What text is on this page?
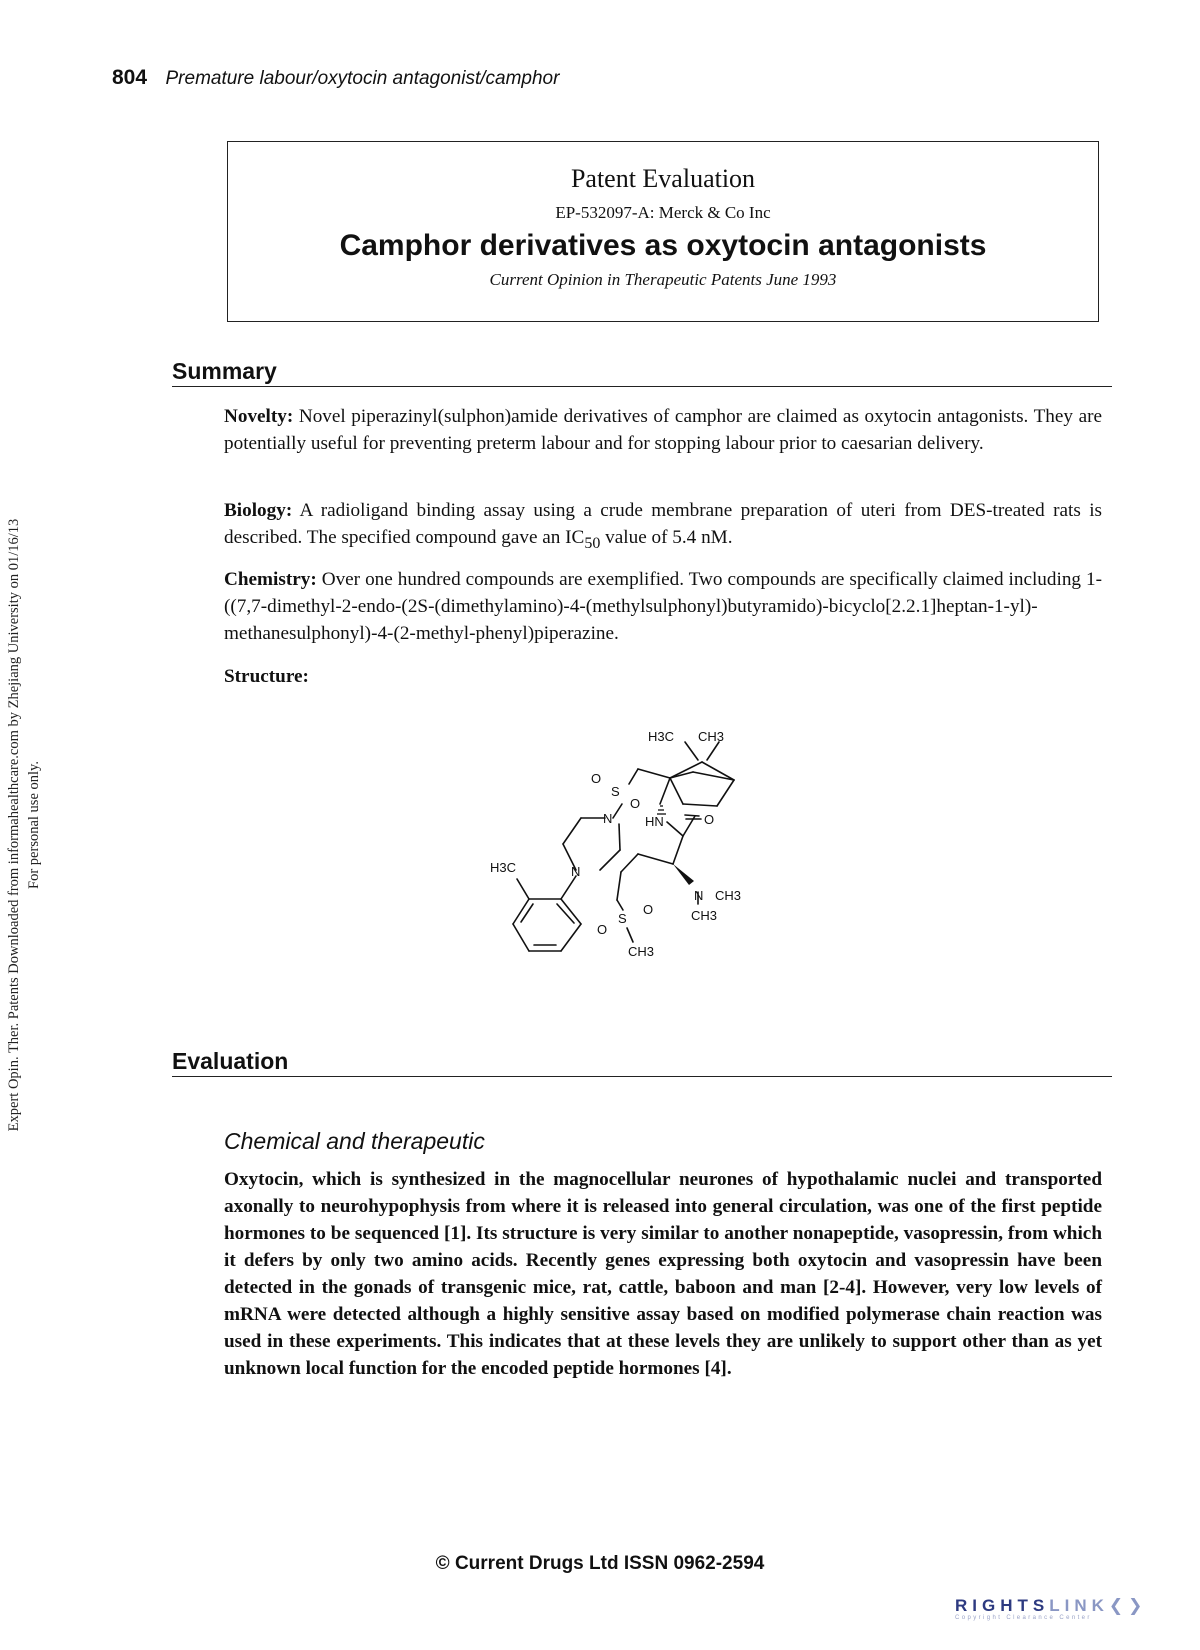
804 Premature labour/oxytocin antagonist/camphor
Expert Opin. Ther. Patents Downloaded from informahealthcare.com by Zhejiang University on 01/16/13 For personal use only.
Patent Evaluation
EP-532097-A: Merck & Co Inc
Camphor derivatives as oxytocin antagonists
Current Opinion in Therapeutic Patents June 1993
Summary

Novelty: Novel piperazinyl(sulphon)amide derivatives of camphor are claimed as oxytocin antagonists. They are potentially useful for preventing preterm labour and for stopping labour prior to caesarian delivery.

Biology: A radioligand binding assay using a crude membrane preparation of uteri from DES-treated rats is described. The specified compound gave an $IC_{50}$ value of 5.4 nM.

Chemistry: Over one hundred compounds are exemplified. Two compounds are specifically claimed including 1-((7,7-dimethyl-2-endo-(2S-(dimethylamino)-4-(methylsulphonyl)butyramido)-bicyclo[2.2.1]heptan-1-yl)-methanesulphonyl)-4-(2-methyl-phenyl)piperazine.

Structure:

H3C CH3
O
S
O
N	HN	O
H3C	N
N CH3
CH3
O
S
O
CH3
Evaluation
Chemical and therapeutic

Oxytocin, which is synthesized in the magnocellular neurones of hypothalamic nuclei and transported axonally to neurohypophysis from where it is released into general circulation, was one of the first peptide hormones to be sequenced [1]. Its structure is very similar to another nonapeptide, vasopressin, from which it defers by only two amino acids. Recently genes expressing both oxytocin and vasopressin have been detected in the gonads of transgenic mice, rat, cattle, baboon and man [2-4]. However, very low levels of mRNA were detected although a highly sensitive assay based on modified polymerase chain reaction was used in these experiments. This indicates that at these levels they are unlikely to support other than as yet unknown local function for the encoded peptide hormones [4].

© Current Drugs Ltd ISSN 0962-2594
RIGHTSLINK❮❯
Copyright Clearance Center
